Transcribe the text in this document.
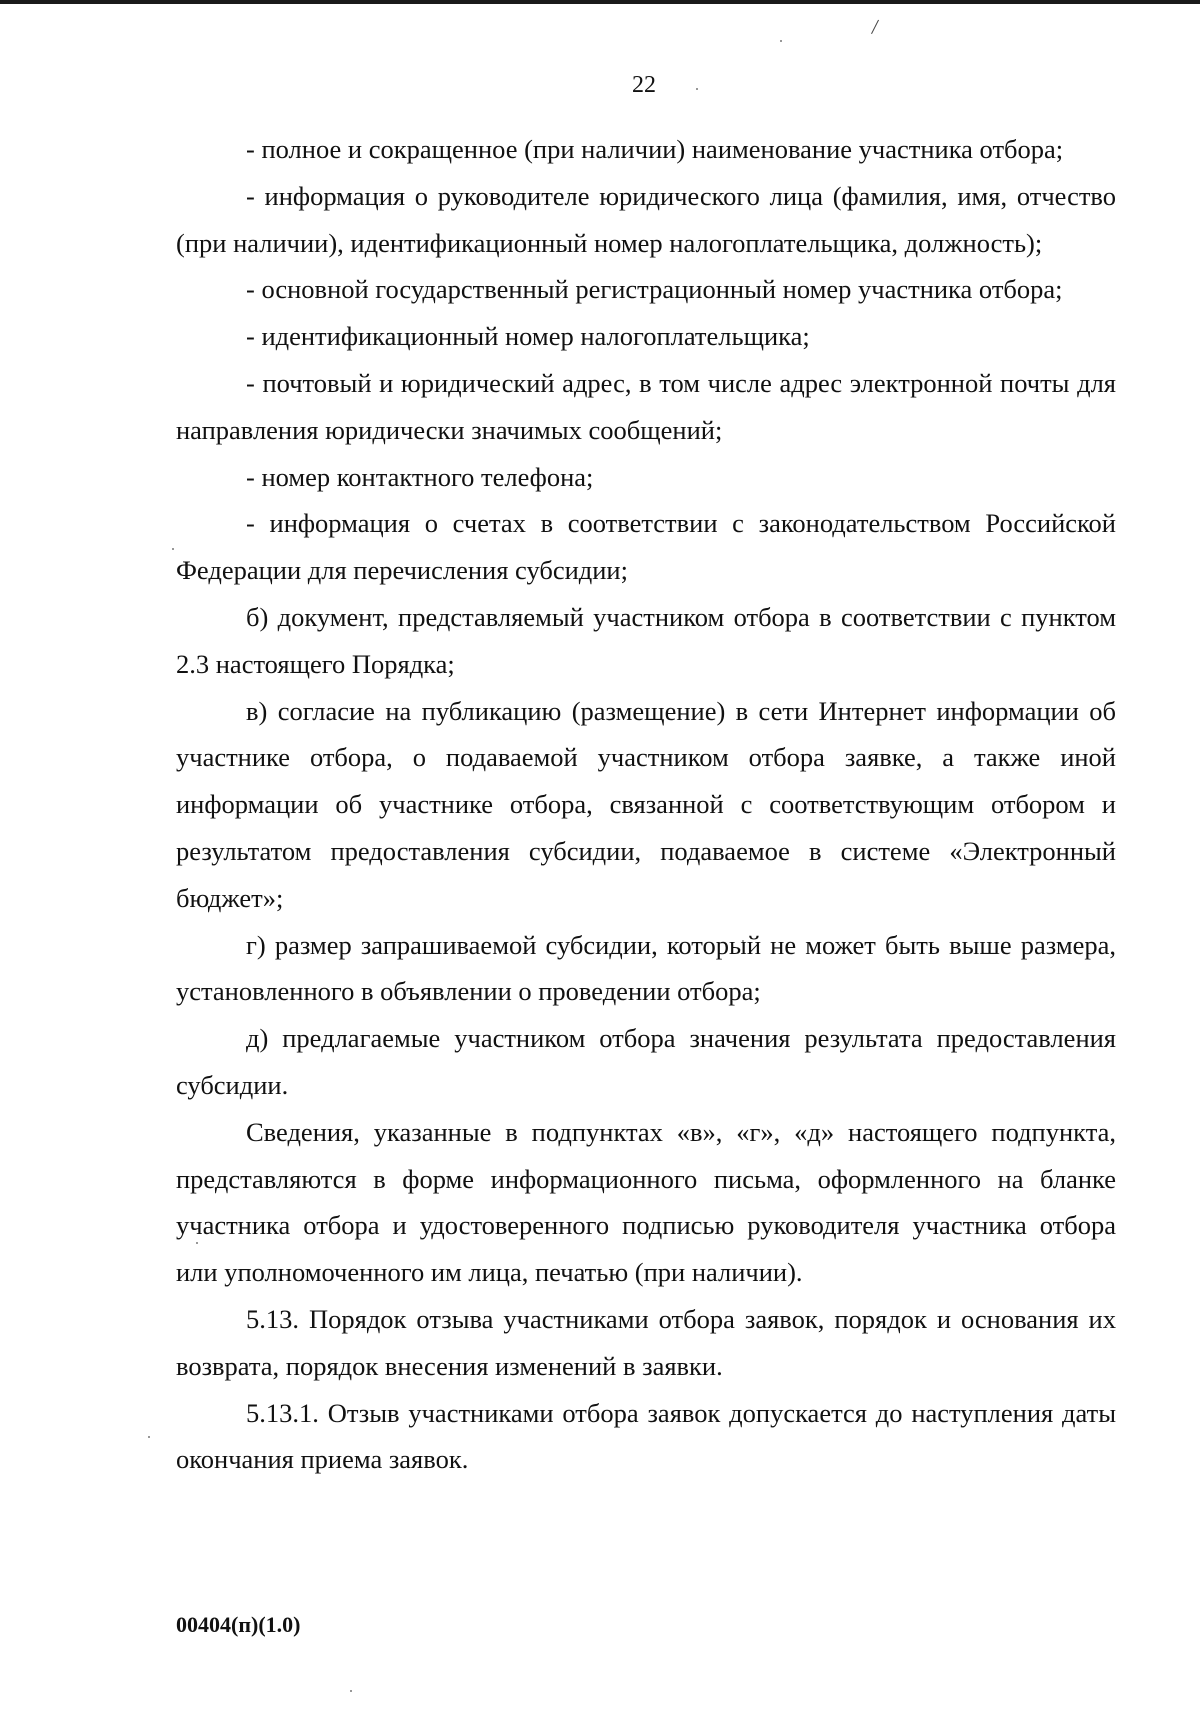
/
22

- полное и сокращенное (при наличии) наименование участника отбора;

- информация о руководителе юридического лица (фамилия, имя, отчество (при наличии), идентификационный номер налогоплательщика, должность);

- основной государственный регистрационный номер участника отбора;

- идентификационный номер налогоплательщика;

- почтовый и юридический адрес, в том числе адрес электронной почты для направления юридически значимых сообщений;

- номер контактного телефона;

- информация о счетах в соответствии с законодательством Российской Федерации для перечисления субсидии;

б) документ, представляемый участником отбора в соответствии с пунктом 2.3 настоящего Порядка;

в) согласие на публикацию (размещение) в сети Интернет информации об участнике отбора, о подаваемой участником отбора заявке, а также иной информации об участнике отбора, связанной с соответствующим отбором и результатом предоставления субсидии, подаваемое в системе «Электронный бюджет»;

г) размер запрашиваемой субсидии, который не может быть выше размера, установленного в объявлении о проведении отбора;

д) предлагаемые участником отбора значения результата предоставления субсидии.

Сведения, указанные в подпунктах «в», «г», «д» настоящего подпункта, представляются в форме информационного письма, оформленного на бланке участника отбора и удостоверенного подписью руководителя участника отбора или уполномоченного им лица, печатью (при наличии).

5.13. Порядок отзыва участниками отбора заявок, порядок и основания их возврата, порядок внесения изменений в заявки.

5.13.1. Отзыв участниками отбора заявок допускается до наступления даты окончания приема заявок.

00404(п)(1.0)
